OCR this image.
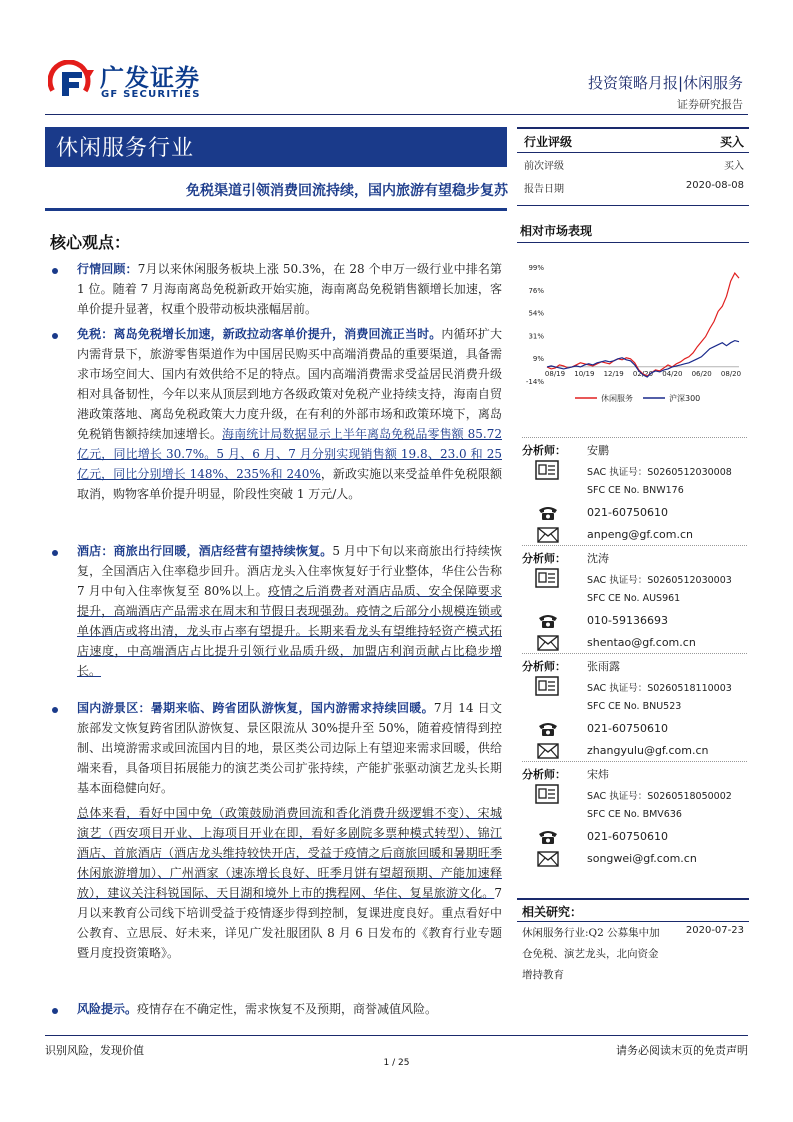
广发证券
GF SECURITIES
投资策略月报|休闲服务
证券研究报告
休闲服务行业
免税渠道引领消费回流持续，国内旅游有望稳步复苏
核心观点：
行情回顾：7月以来休闲服务板块上涨 50.3%，在 28 个申万一级行业中排名第 1 位。随着 7 月海南离岛免税新政开始实施，海南离岛免税销售额增长加速，客单价提升显著，权重个股带动板块涨幅居前。
免税：离岛免税增长加速，新政拉动客单价提升，消费回流正当时。内循环扩大内需背景下，旅游零售渠道作为中国居民购买中高端消费品的重要渠道，具备需求市场空间大、国内有效供给不足的特点。国内高端消费需求受益居民消费升级相对具备韧性，今年以来从顶层到地方各级政策对免税产业持续支持，海南自贸港政策落地、离岛免税政策大力度升级，在有利的外部市场和政策环境下，离岛免税销售额持续加速增长。海南统计局数据显示上半年离岛免税品零售额 85.72 亿元，同比增长 30.7%。5 月、6 月、7 月分别实现销售额 19.8、23.0 和 25 亿元，同比分别增长 148%、235%和 240%，新政实施以来受益单件免税限额取消，购物客单价提升明显，阶段性突破 1 万元/人。
酒店：商旅出行回暖，酒店经营有望持续恢复。5 月中下旬以来商旅出行持续恢复，全国酒店入住率稳步回升。酒店龙头入住率恢复好于行业整体，华住公告称 7 月中旬入住率恢复至 80%以上。疫情之后消费者对酒店品质、安全保障要求提升，高端酒店产品需求在周末和节假日表现强劲。疫情之后部分小规模连锁或单体酒店或将出清，龙头市占率有望提升。长期来看龙头有望维持轻资产模式拓店速度，中高端酒店占比提升引领行业品质升级，加盟店利润贡献占比稳步增长。
国内游景区：暑期来临、跨省团队游恢复，国内游需求持续回暖。7月 14 日文旅部发文恢复跨省团队游恢复、景区限流从 30%提升至 50%，随着疫情得到控制、出境游需求或回流国内目的地，景区类公司边际上有望迎来需求回暖，供给端来看，具备项目拓展能力的演艺类公司扩张持续，产能扩张驱动演艺龙头长期基本面稳健向好。
总体来看，看好中国中免（政策鼓励消费回流和香化消费升级逻辑不变）、宋城演艺（西安项目开业、上海项目开业在即，看好多剧院多票种模式转型）、锦江酒店、首旅酒店（酒店龙头维持较快开店，受益于疫情之后商旅回暖和暑期旺季休闲旅游增加）、广州酒家（速冻增长良好、旺季月饼有望超预期、产能加速释放），建议关注科锐国际、天目湖和境外上市的携程网、华住、复星旅游文化。7 月以来教育公司线下培训受益于疫情逐步得到控制，复课进度良好。重点看好中公教育、立思辰、好未来，详见广发社服团队 8 月 6 日发布的《教育行业专题暨月度投资策略》。
风险提示。疫情存在不确定性，需求恢复不及预期，商誉减值风险。
行业评级	买入
前次评级	买入
报告日期	2020-08-08
相对市场表现
99%
76%
54%
31%
9%
-14%
08/19 10/19 12/19 02/20 04/20 06/20 08/20
休闲服务	沪深300
分析师： 安鹏
SAC 执证号：S0260512030008
SFC CE No. BNW176
021-60750610
anpeng@gf.com.cn
分析师： 沈涛
SAC 执证号：S0260512030003
SFC CE No. AUS961
010-59136693
shentao@gf.com.cn
分析师： 张雨露
SAC 执证号：S0260518110003
SFC CE No. BNU523
021-60750610
zhangyulu@gf.com.cn
分析师： 宋炜
SAC 执证号：S0260518050002
SFC CE No. BMV636
021-60750610
songwei@gf.com.cn
相关研究：
休闲服务行业:Q2 公募集中加	2020-07-23
仓免税、演艺龙头，北向资金
增持教育
识别风险，发现价值	请务必阅读末页的免责声明
1 / 25
